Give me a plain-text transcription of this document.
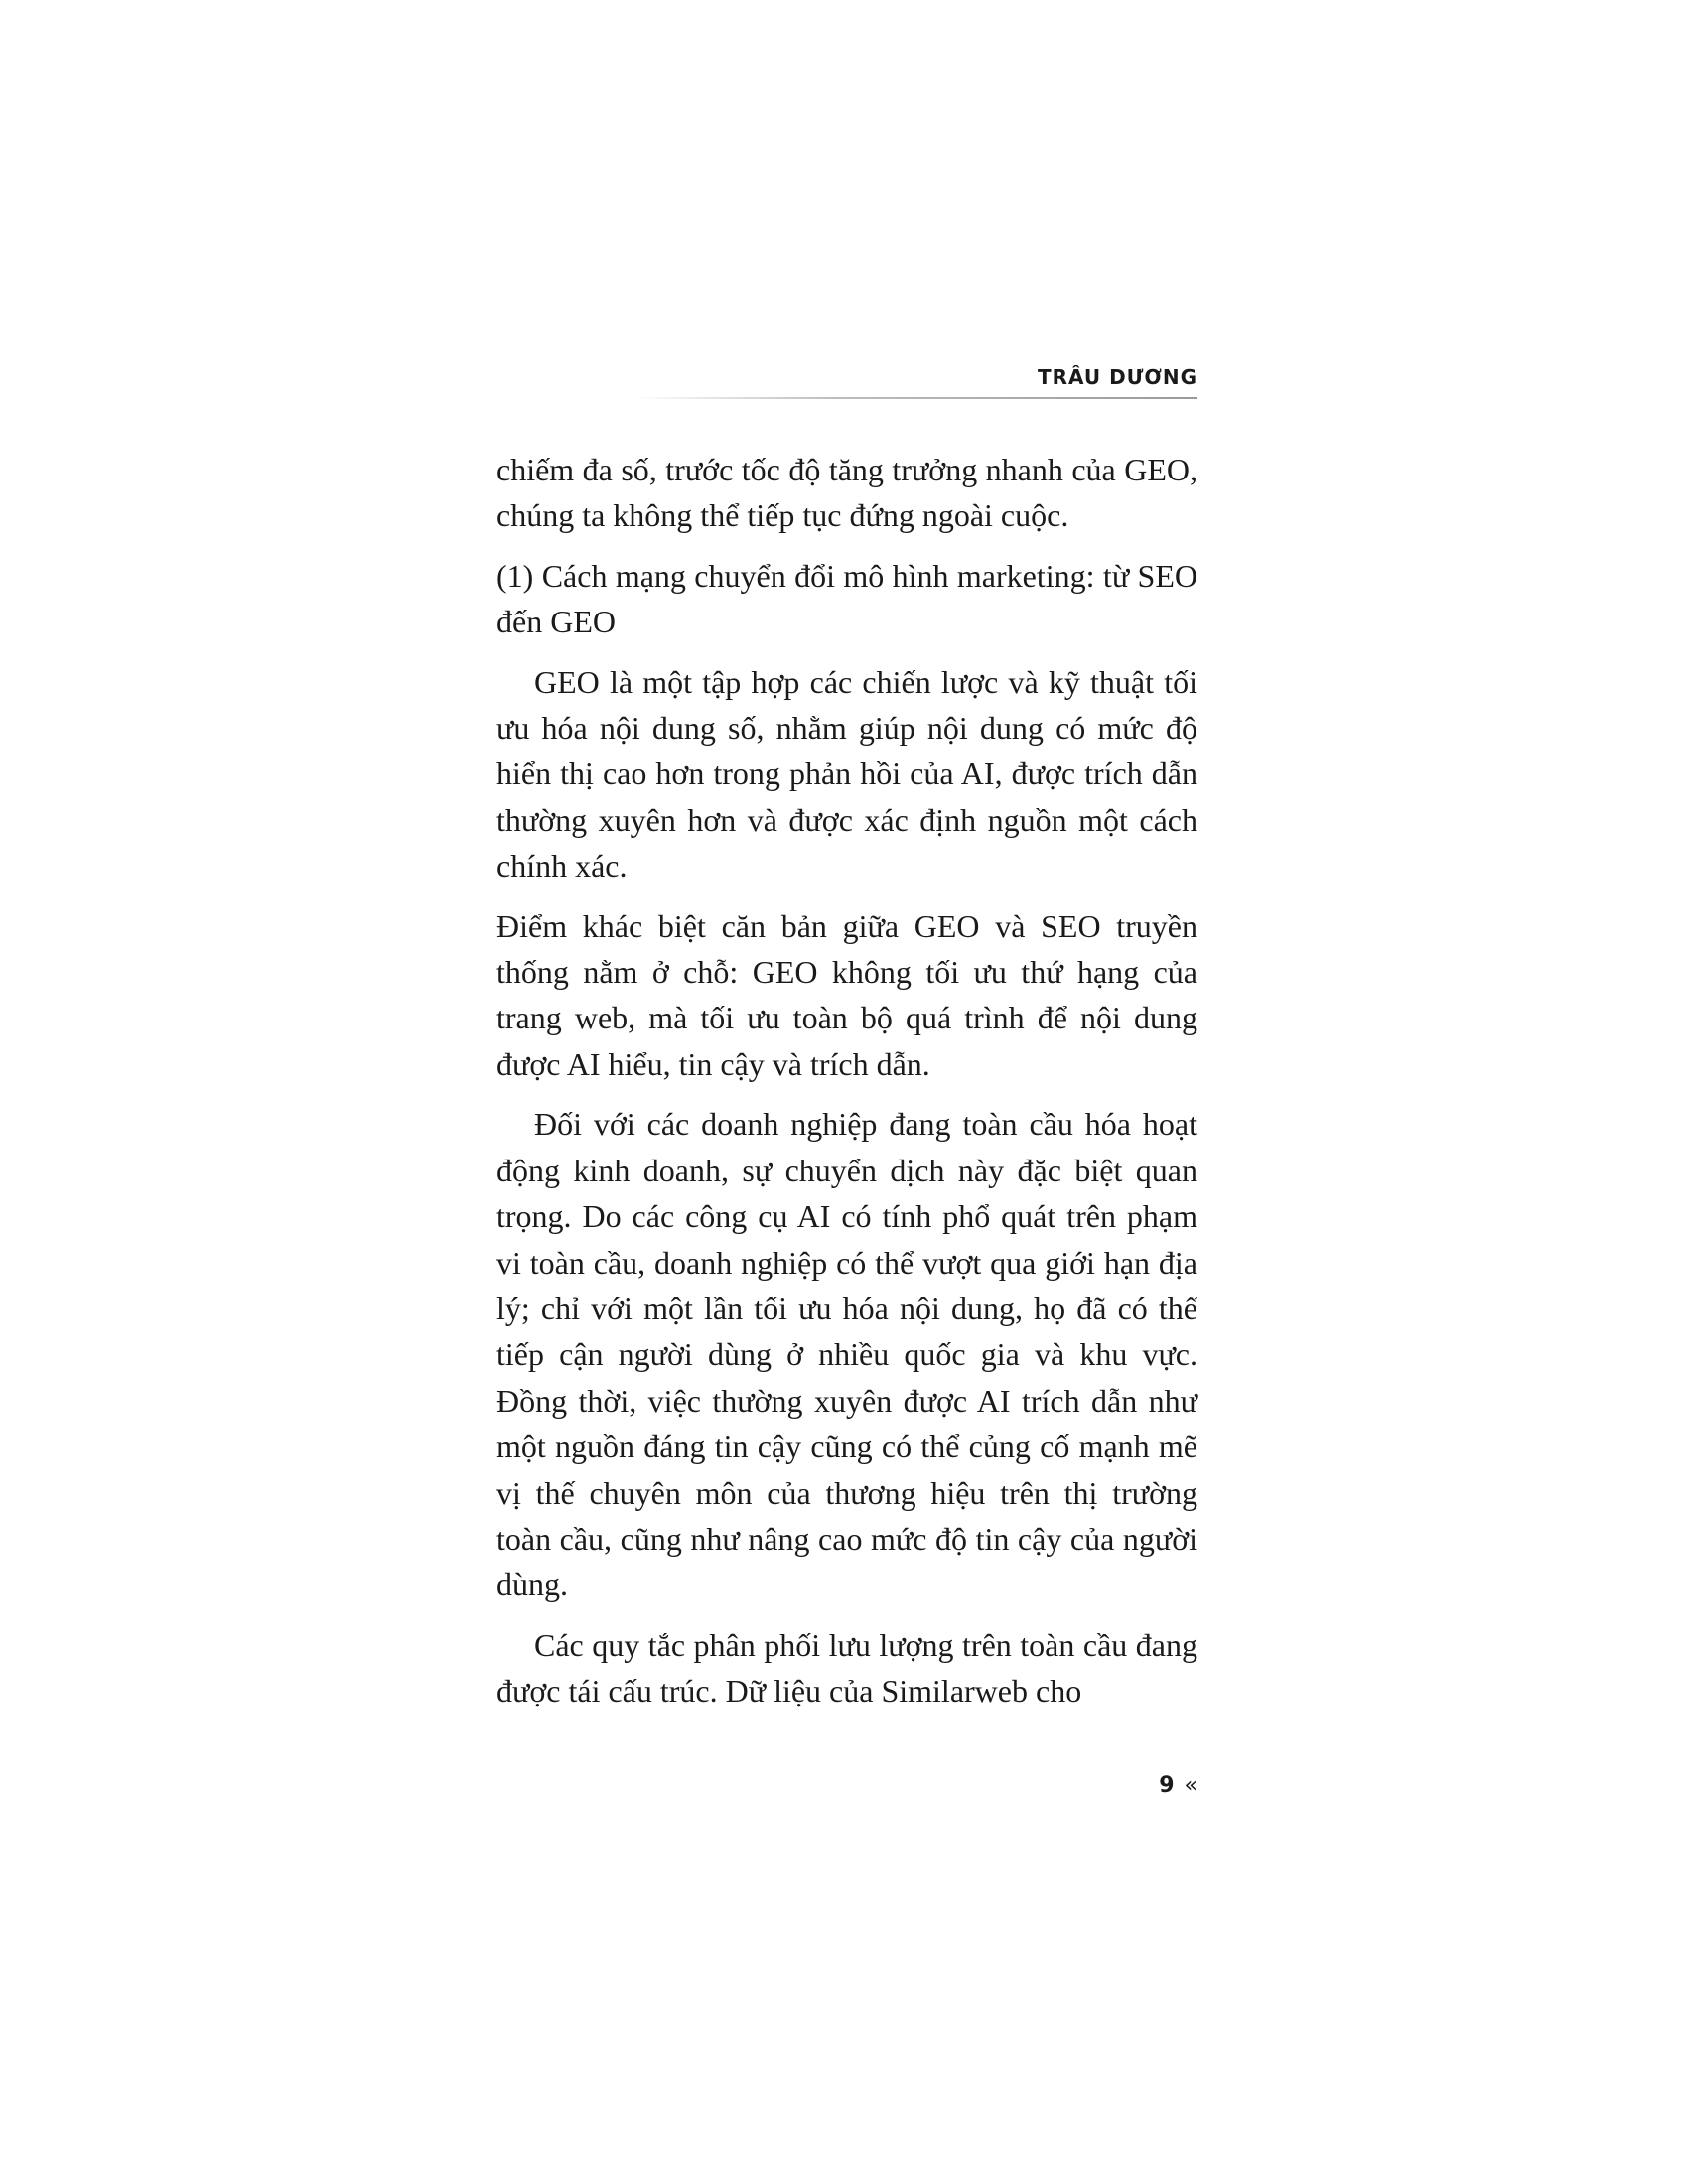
TRÂU DƯƠNG

chiếm đa số, trước tốc độ tăng trưởng nhanh của GEO, chúng ta không thể tiếp tục đứng ngoài cuộc.

(1) Cách mạng chuyển đổi mô hình marketing: từ SEO đến GEO

GEO là một tập hợp các chiến lược và kỹ thuật tối ưu hóa nội dung số, nhằm giúp nội dung có mức độ hiển thị cao hơn trong phản hồi của AI, được trích dẫn thường xuyên hơn và được xác định nguồn một cách chính xác.

Điểm khác biệt căn bản giữa GEO và SEO truyền thống nằm ở chỗ: GEO không tối ưu thứ hạng của trang web, mà tối ưu toàn bộ quá trình để nội dung được AI hiểu, tin cậy và trích dẫn.

Đối với các doanh nghiệp đang toàn cầu hóa hoạt động kinh doanh, sự chuyển dịch này đặc biệt quan trọng. Do các công cụ AI có tính phổ quát trên phạm vi toàn cầu, doanh nghiệp có thể vượt qua giới hạn địa lý; chỉ với một lần tối ưu hóa nội dung, họ đã có thể tiếp cận người dùng ở nhiều quốc gia và khu vực. Đồng thời, việc thường xuyên được AI trích dẫn như một nguồn đáng tin cậy cũng có thể củng cố mạnh mẽ vị thế chuyên môn của thương hiệu trên thị trường toàn cầu, cũng như nâng cao mức độ tin cậy của người dùng.

Các quy tắc phân phối lưu lượng trên toàn cầu đang được tái cấu trúc. Dữ liệu của Similarweb cho

9 «
